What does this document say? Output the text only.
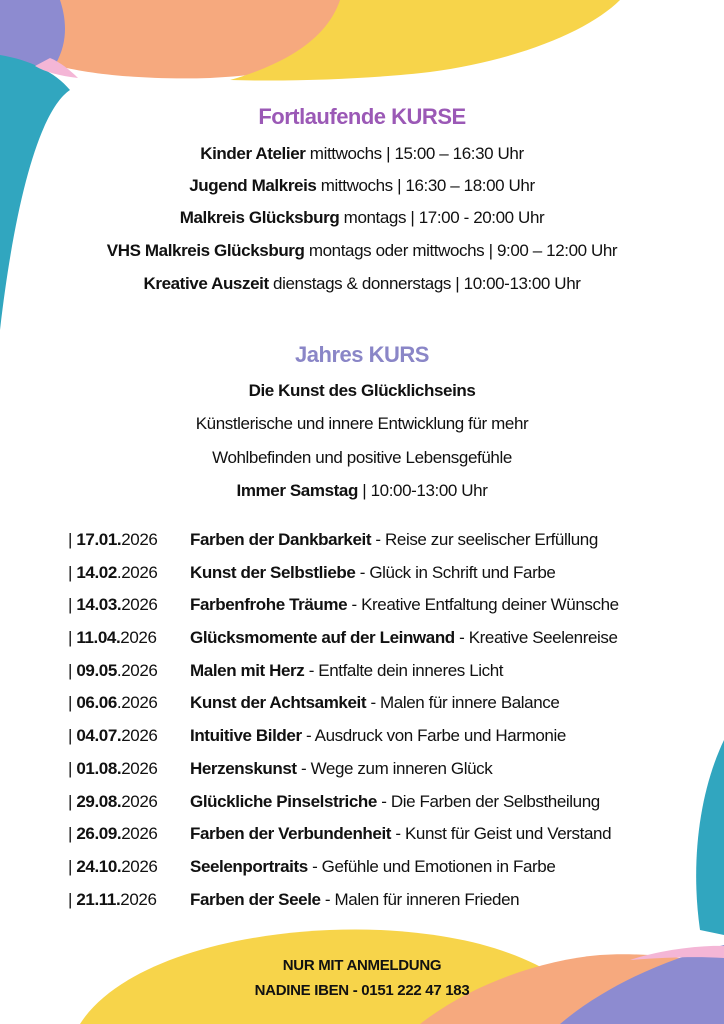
Fortlaufende KURSE
Kinder Atelier mittwochs | 15:00 – 16:30 Uhr
Jugend Malkreis mittwochs | 16:30 – 18:00 Uhr
Malkreis Glücksburg montags | 17:00 - 20:00 Uhr
VHS Malkreis Glücksburg montags oder mittwochs | 9:00 – 12:00 Uhr
Kreative Auszeit dienstags & donnerstags | 10:00-13:00 Uhr
Jahres KURS
Die Kunst des Glücklichseins
Künstlerische und innere Entwicklung für mehr
Wohlbefinden und positive Lebensgefühle
Immer Samstag | 10:00-13:00 Uhr
| 17.01.2026 Farben der Dankbarkeit - Reise zur seelischer Erfüllung
| 14.02.2026 Kunst der Selbstliebe - Glück in Schrift und Farbe
| 14.03.2026 Farbenfrohe Träume - Kreative Entfaltung deiner Wünsche
| 11.04.2026 Glücksmomente auf der Leinwand - Kreative Seelenreise
| 09.05.2026 Malen mit Herz - Entfalte dein inneres Licht
| 06.06.2026 Kunst der Achtsamkeit - Malen für innere Balance
| 04.07.2026 Intuitive Bilder - Ausdruck von Farbe und Harmonie
| 01.08.2026 Herzenskunst - Wege zum inneren Glück
| 29.08.2026 Glückliche Pinselstriche - Die Farben der Selbstheilung
| 26.09.2026 Farben der Verbundenheit - Kunst für Geist und Verstand
| 24.10.2026 Seelenportraits - Gefühle und Emotionen in Farbe
| 21.11.2026 Farben der Seele - Malen für inneren Frieden
NUR MIT ANMELDUNG
NADINE IBEN - 0151 222 47 183
